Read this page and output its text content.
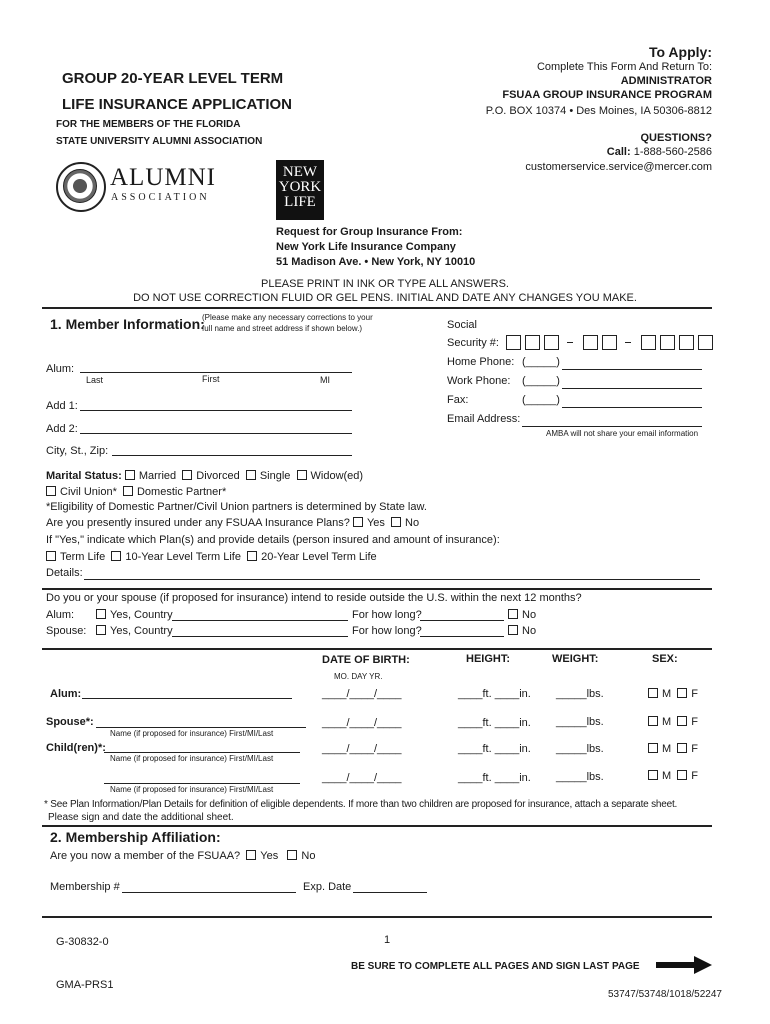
GROUP 20-YEAR LEVEL TERM
LIFE INSURANCE APPLICATION
FOR THE MEMBERS OF THE FLORIDA
STATE UNIVERSITY ALUMNI ASSOCIATION
To Apply:
Complete This Form And Return To:
ADMINISTRATOR
FSUAA GROUP INSURANCE PROGRAM
P.O. BOX 10374 • Des Moines, IA 50306-8812
QUESTIONS?
Call: 1-888-560-2586
customerservice.service@mercer.com
ALUMNI
ASSOCIATION
NEW
YORK
LIFE
Request for Group Insurance From:
New York Life Insurance Company
51 Madison Ave. • New York, NY 10010
PLEASE PRINT IN INK OR TYPE ALL ANSWERS.
DO NOT USE CORRECTION FLUID OR GEL PENS. INITIAL AND DATE ANY CHANGES YOU MAKE.
1. Member Information:
(Please make any necessary corrections to your
full name and street address if shown below.)
Alum:
Last	First	MI
Add 1:
Add 2:
City, St., Zip:
Social
Security #:

Home Phone: (_____)
Work Phone: (_____)
Fax:	(_____)
Email Address:
AMBA will not share your email information
Marital Status: Married Divorced Single Widow(ed)
Civil Union* Domestic Partner*
*Eligibility of Domestic Partner/Civil Union partners is determined by State law.
Are you presently insured under any FSUAA Insurance Plans? Yes No
If "Yes," indicate which Plan(s) and provide details (person insured and amount of insurance):
Term Life 10-Year Level Term Life 20-Year Level Term Life
Details:
Do you or your spouse (if proposed for insurance) intend to reside outside the U.S. within the next 12 months?
Alum:	Yes, Country	For how long?	No
Spouse:	Yes, Country	For how long?	No
DATE OF BIRTH:	HEIGHT:	WEIGHT:	SEX:
MO. DAY YR.
Alum:	____/____/____	____ft. ____in. _____lbs.	M F
Spouse*:
Name (if proposed for insurance) First/MI/Last
____/____/____	____ft. ____in. _____lbs.	M F
Child(ren)*:
Name (if proposed for insurance) First/MI/Last
____/____/____	____ft. ____in. _____lbs.	M F
Name (if proposed for insurance) First/MI/Last
____/____/____	____ft. ____in. _____lbs.	M F
* See Plan Information/Plan Details for definition of eligible dependents. If more than two children are proposed for insurance, attach a separate sheet.
Please sign and date the additional sheet.
2. Membership Affiliation:
Are you now a member of the FSUAA? Yes No
Membership #	Exp. Date
G-30832-0	1
BE SURE TO COMPLETE ALL PAGES AND SIGN LAST PAGE
GMA-PRS1
53747/53748/1018/52247
